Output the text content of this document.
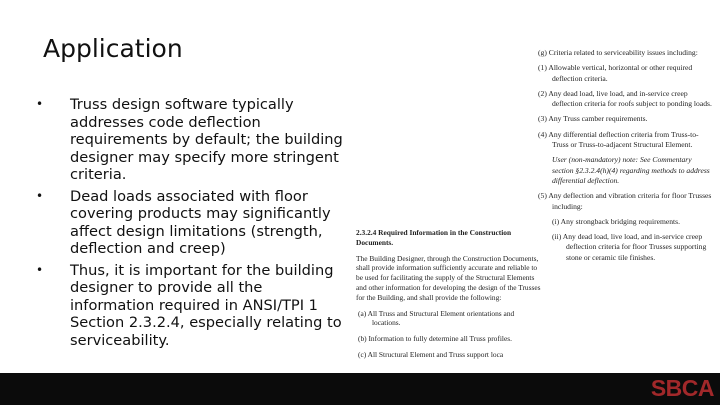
Application
• Truss design software typically addresses code deflection requirements by default; the building designer may specify more stringent criteria.
• Dead loads associated with floor covering products may significantly affect design limitations (strength, deflection and creep)
• Thus, it is important for the building designer to provide all the information required in ANSI/TPI 1 Section 2.3.2.4, especially relating to serviceability.

(g) Criteria related to serviceability issues including:

(1) Allowable vertical, horizontal or other required deflection criteria.

(2) Any dead load, live load, and in-service creep deflection criteria for roofs subject to ponding loads.

(3) Any Truss camber requirements.

(4) Any differential deflection criteria from Truss-to-Truss or Truss-to-adjacent Structural Element.

User (non-mandatory) note: See Commentary section §2.3.2.4(h)(4) regarding methods to address differential deflection.

(5) Any deflection and vibration criteria for floor Trusses including:

(i) Any strongback bridging requirements.

(ii) Any dead load, live load, and in-service creep deflection criteria for floor Trusses supporting stone or ceramic tile finishes.

2.3.2.4 Required Information in the Construction Documents.

The Building Designer, through the Construction Documents, shall provide information sufficiently accurate and reliable to be used for facilitating the supply of the Structural Elements and other information for developing the design of the Trusses for the Building, and shall provide the following:

(a) All Truss and Structural Element orientations and locations.

(b) Information to fully determine all Truss profiles.

(c) All Structural Element and Truss support loca

SBCA
